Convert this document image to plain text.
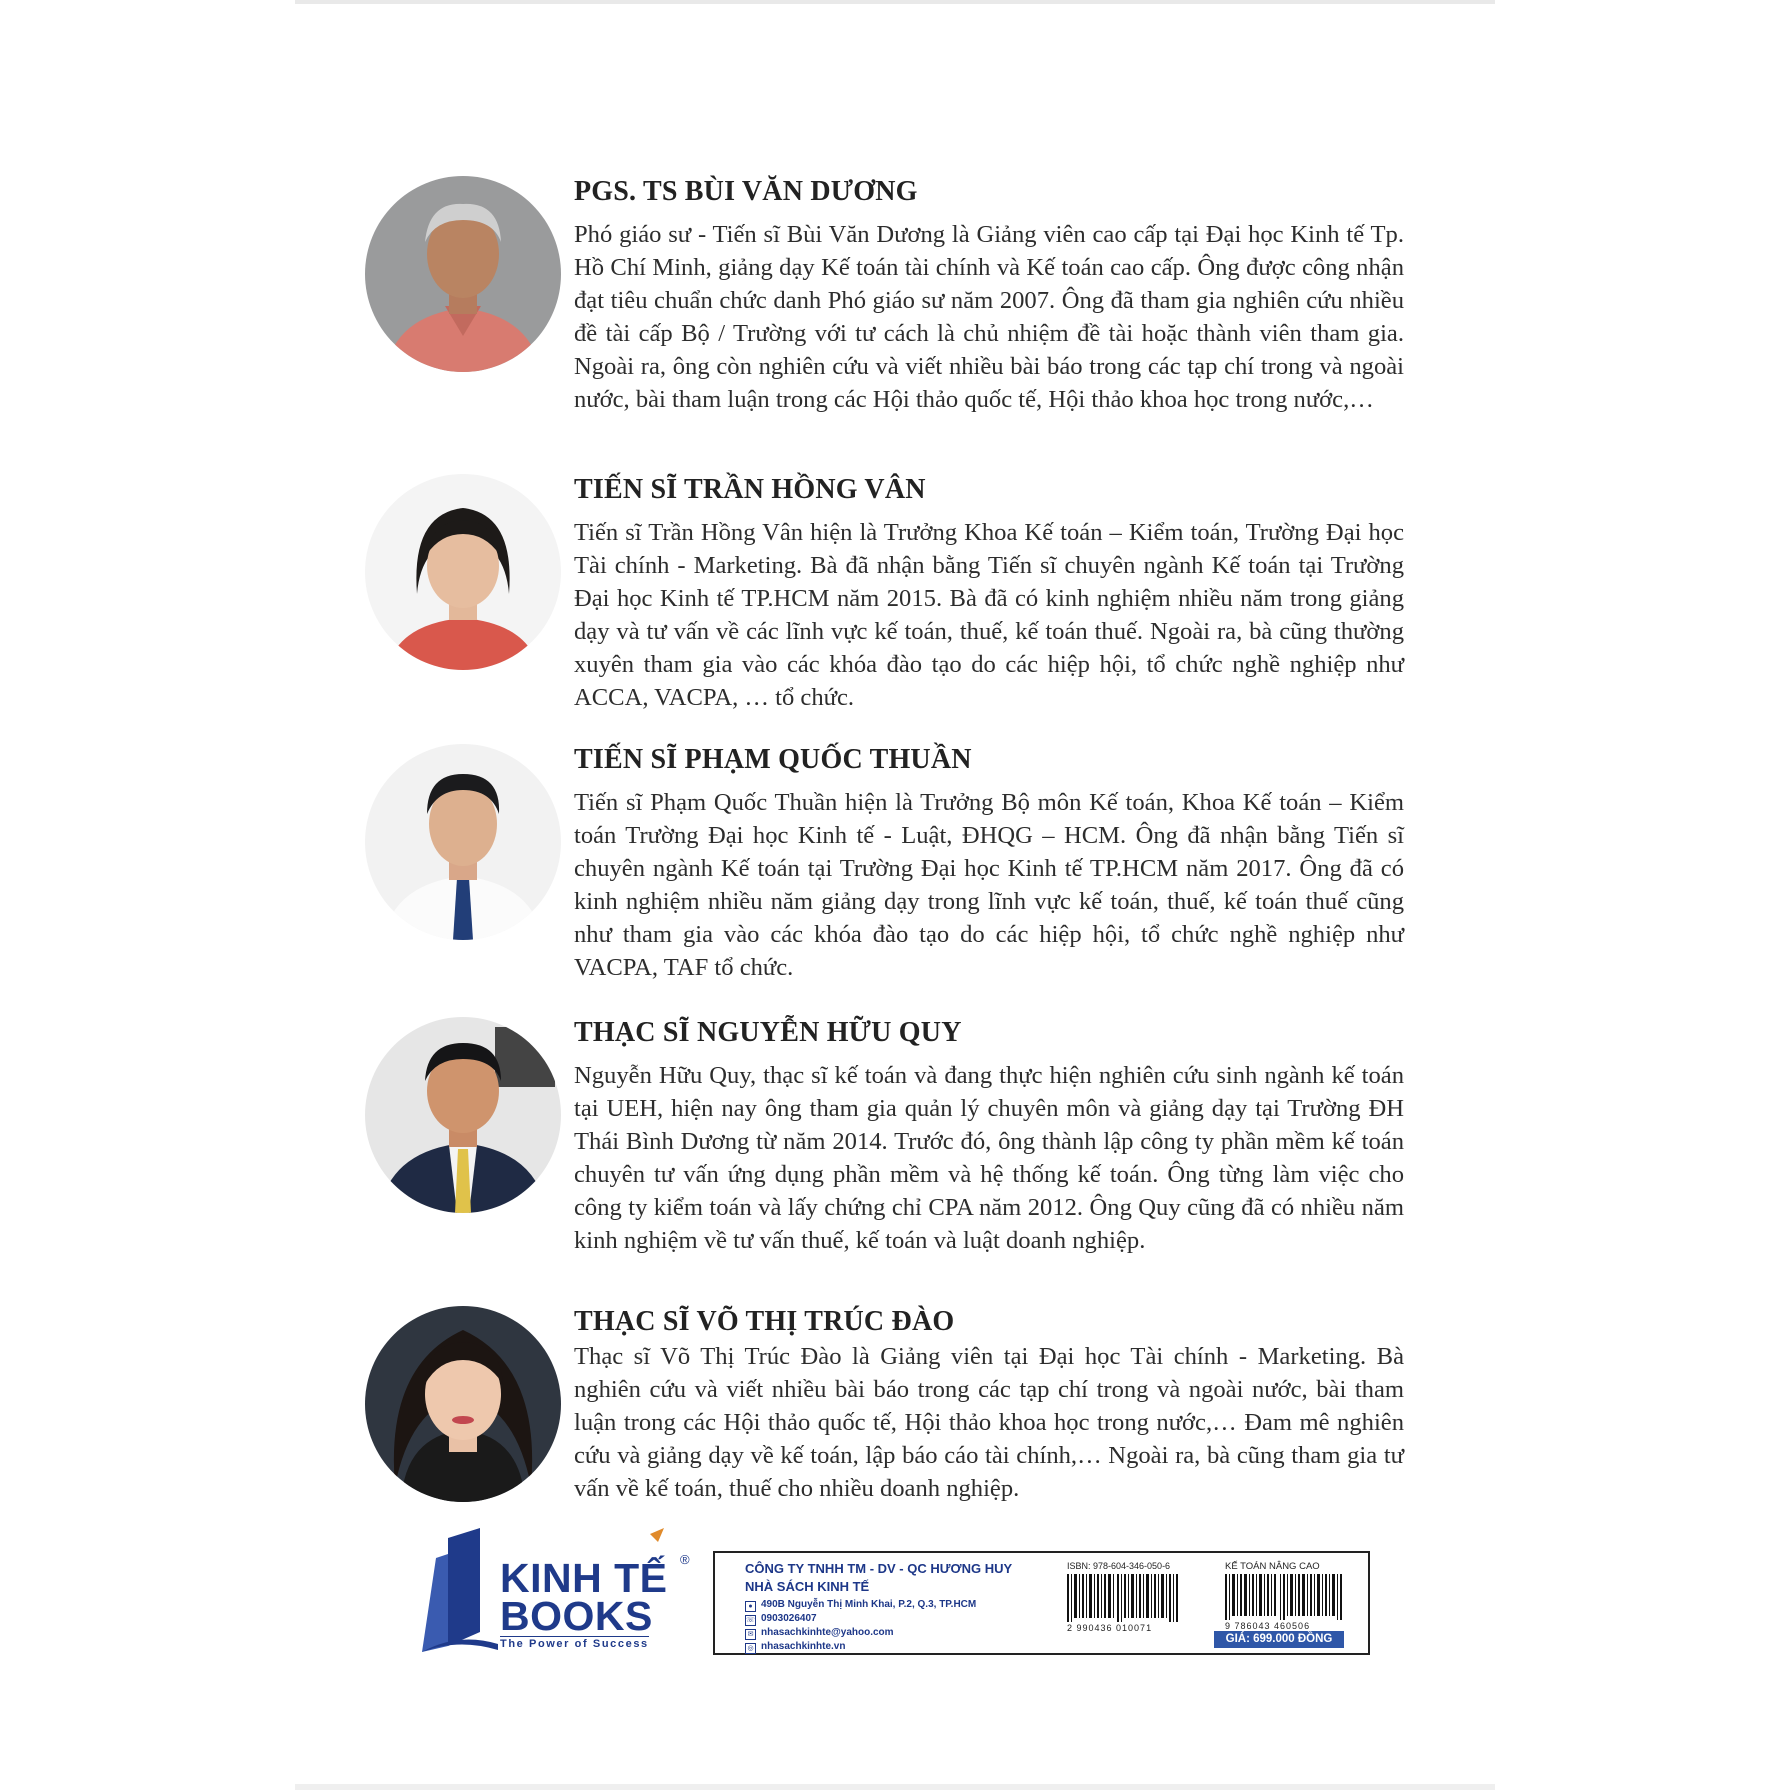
PGS. TS BÙI VĂN DƯƠNG

Phó giáo sư - Tiến sĩ Bùi Văn Dương là Giảng viên cao cấp tại Đại học Kinh tế Tp. Hồ Chí Minh, giảng dạy Kế toán tài chính và Kế toán cao cấp. Ông được công nhận đạt tiêu chuẩn chức danh Phó giáo sư năm 2007. Ông đã tham gia nghiên cứu nhiều đề tài cấp Bộ / Trường với tư cách là chủ nhiệm đề tài hoặc thành viên tham gia. Ngoài ra, ông còn nghiên cứu và viết nhiều bài báo trong các tạp chí trong và ngoài nước, bài tham luận trong các Hội thảo quốc tế, Hội thảo khoa học trong nước,…

TIẾN SĨ TRẦN HỒNG VÂN

Tiến sĩ Trần Hồng Vân hiện là Trưởng Khoa Kế toán – Kiểm toán, Trường Đại học Tài chính - Marketing. Bà đã nhận bằng Tiến sĩ chuyên ngành Kế toán tại Trường Đại học Kinh tế TP.HCM năm 2015. Bà đã có kinh nghiệm nhiều năm trong giảng dạy và tư vấn về các lĩnh vực kế toán, thuế, kế toán thuế. Ngoài ra, bà cũng thường xuyên tham gia vào các khóa đào tạo do các hiệp hội, tổ chức nghề nghiệp như ACCA, VACPA, … tổ chức.

TIẾN SĨ PHẠM QUỐC THUẦN

Tiến sĩ Phạm Quốc Thuần hiện là Trưởng Bộ môn Kế toán, Khoa Kế toán – Kiểm toán Trường Đại học Kinh tế - Luật, ĐHQG – HCM. Ông đã nhận bằng Tiến sĩ chuyên ngành Kế toán tại Trường Đại học Kinh tế TP.HCM năm 2017. Ông đã có kinh nghiệm nhiều năm giảng dạy trong lĩnh vực kế toán, thuế, kế toán thuế cũng như tham gia vào các khóa đào tạo do các hiệp hội, tổ chức nghề nghiệp như VACPA, TAF tổ chức.

THẠC SĨ NGUYỄN HỮU QUY

Nguyễn Hữu Quy, thạc sĩ kế toán và đang thực hiện nghiên cứu sinh ngành kế toán tại UEH, hiện nay ông tham gia quản lý chuyên môn và giảng dạy tại Trường ĐH Thái Bình Dương từ năm 2014. Trước đó, ông thành lập công ty phần mềm kế toán chuyên tư vấn ứng dụng phần mềm và hệ thống kế toán. Ông từng làm việc cho công ty kiểm toán và lấy chứng chỉ CPA năm 2012. Ông Quy cũng đã có nhiều năm kinh nghiệm về tư vấn thuế, kế toán và luật doanh nghiệp.

THẠC SĨ VÕ THỊ TRÚC ĐÀO

Thạc sĩ Võ Thị Trúc Đào là Giảng viên tại Đại học Tài chính - Marketing. Bà nghiên cứu và viết nhiều bài báo trong các tạp chí trong và ngoài nước, bài tham luận trong các Hội thảo quốc tế, Hội thảo khoa học trong nước,… Đam mê nghiên cứu và giảng dạy về kế toán, lập báo cáo tài chính,… Ngoài ra, bà cũng tham gia tư vấn về kế toán, thuế cho nhiều doanh nghiệp.

KINH TẾ
BOOKS
The Power of Success
®
CÔNG TY TNHH TM - DV - QC HƯƠNG HUY
NHÀ SÁCH KINH TẾ
● 490B Nguyễn Thị Minh Khai, P.2, Q.3, TP.HCM
☏ 0903026407
✉ nhasachkinhte@yahoo.com
◎ nhasachkinhte.vn
ISBN: 978-604-346-050-6
2 990436 010071
KẾ TOÁN NÂNG CAO
9 786043 460506
GIÁ: 699.000 ĐỒNG
